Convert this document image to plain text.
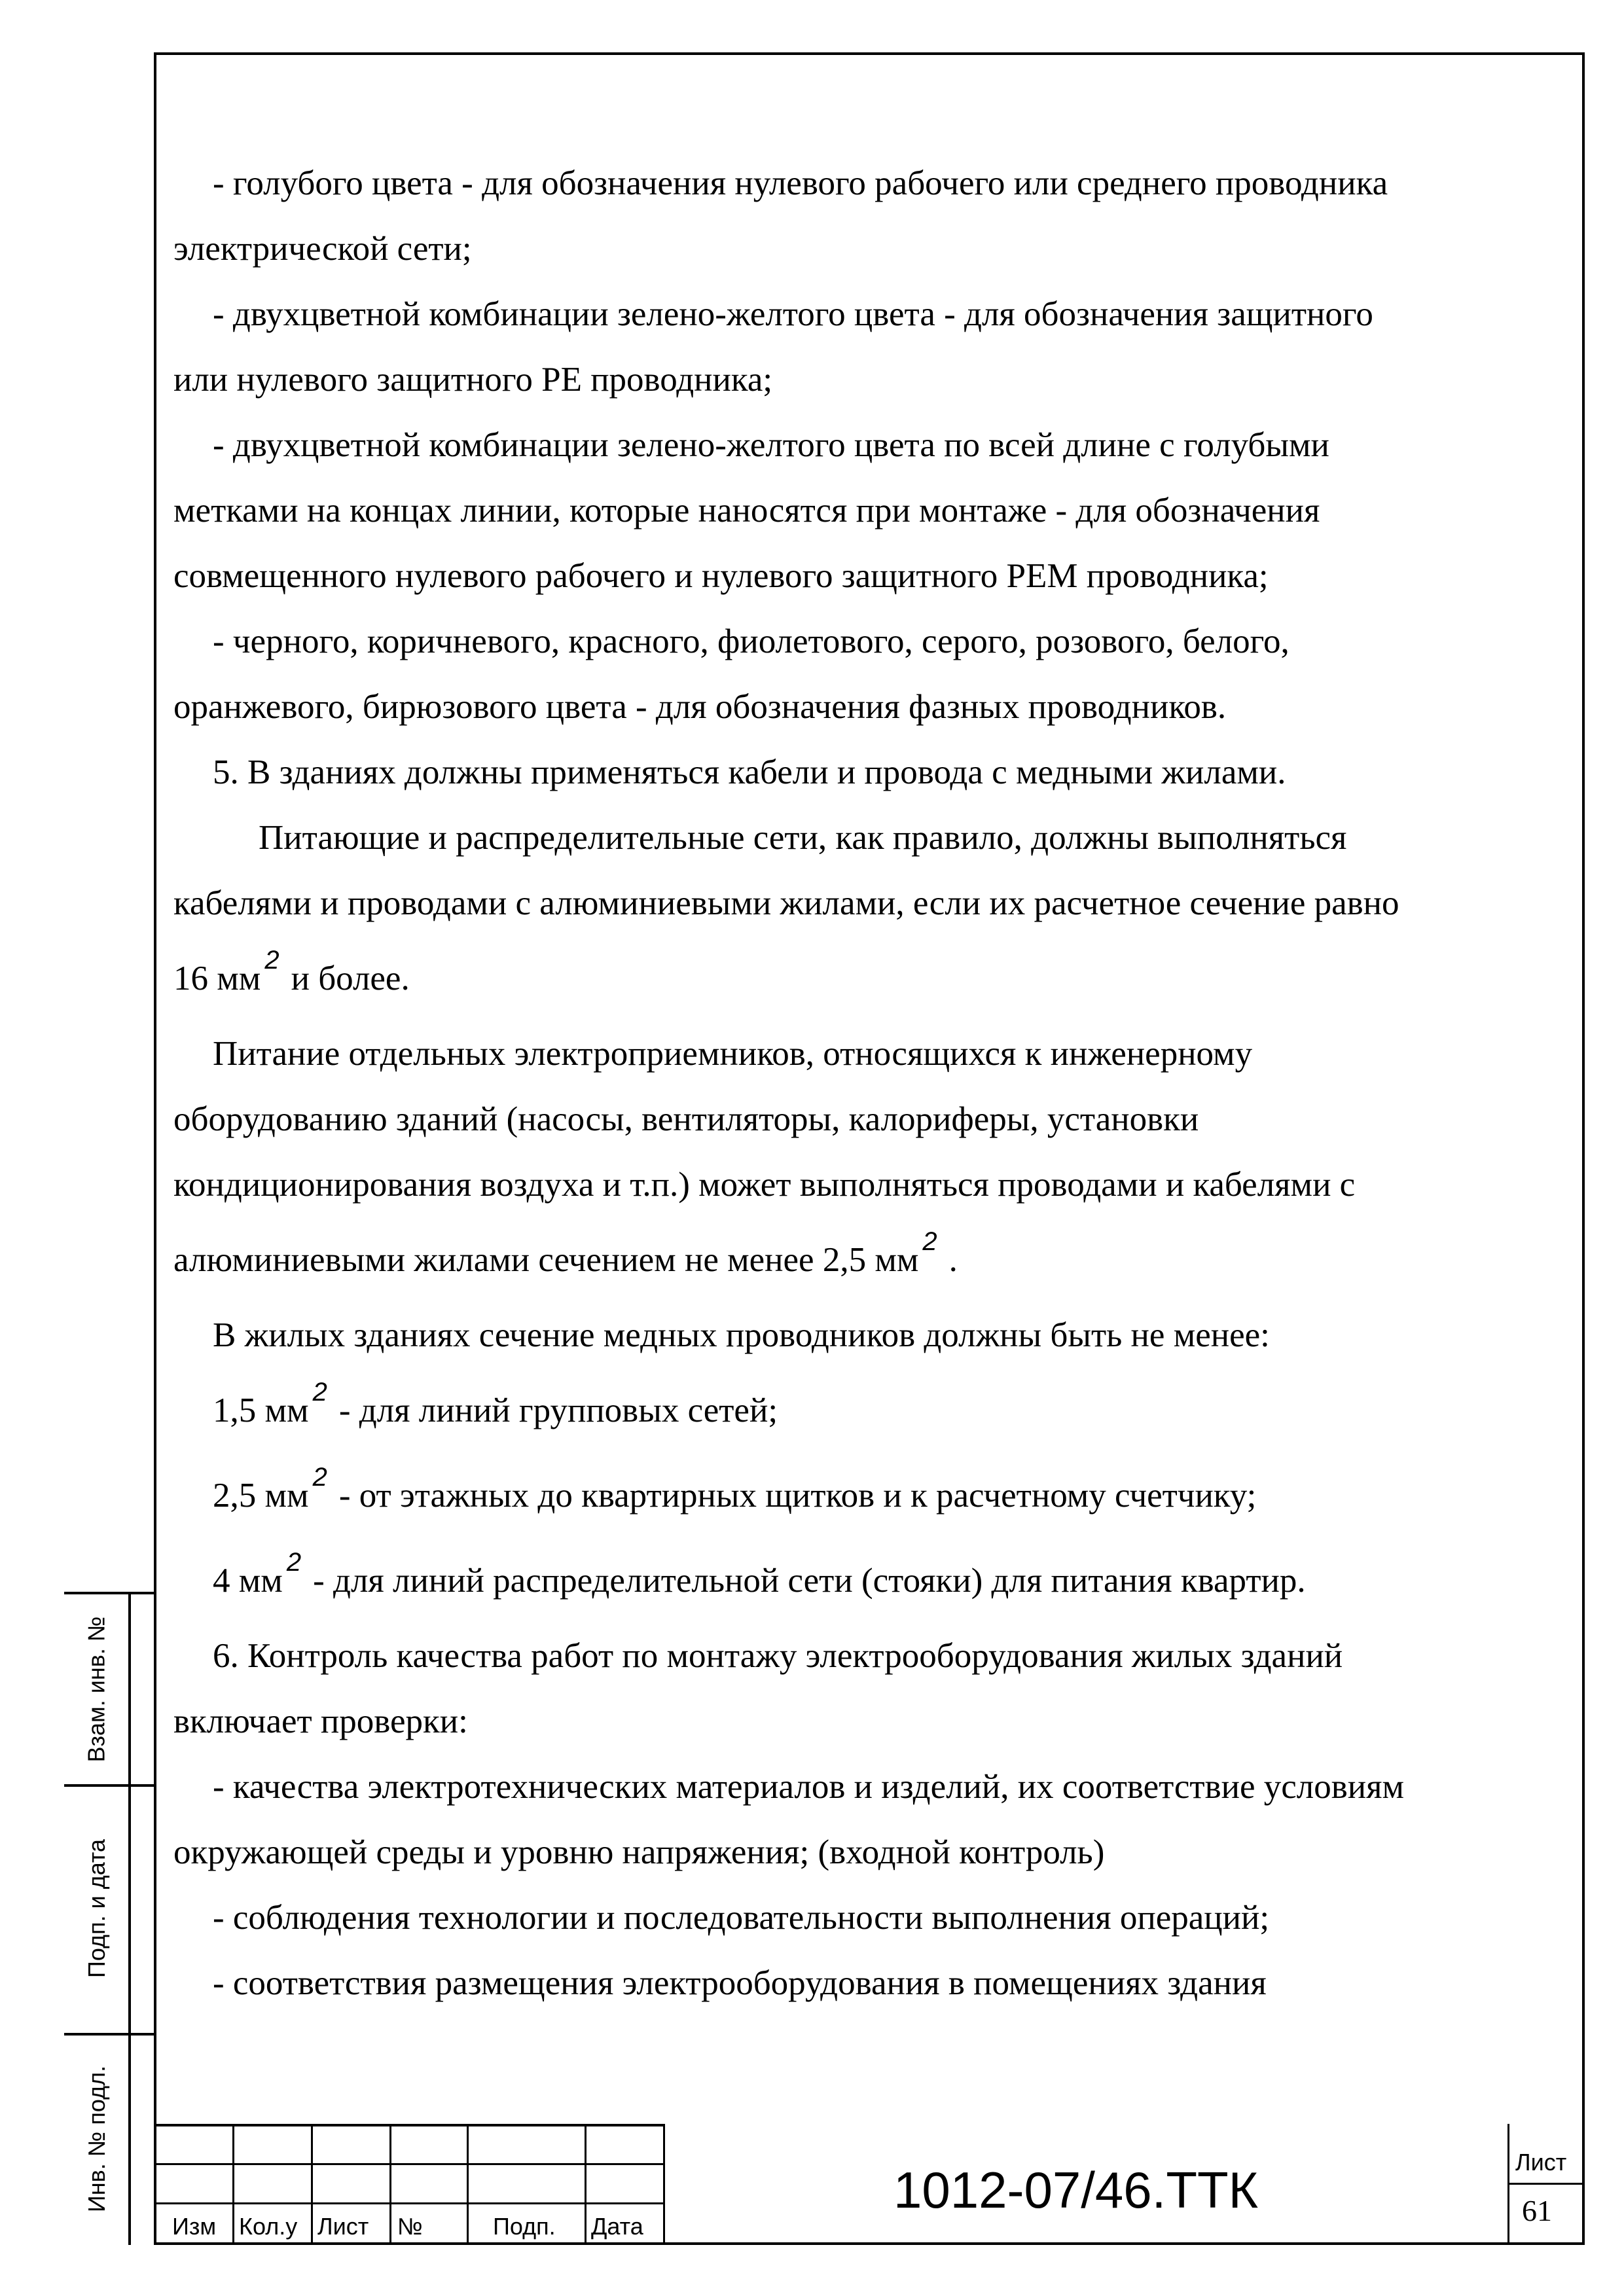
- голубого цвета - для обозначения нулевого рабочего или среднего проводника
электрической сети;
- двухцветной комбинации зелено-желтого цвета - для обозначения защитного
или нулевого защитного РЕ проводника;
- двухцветной комбинации зелено-желтого цвета по всей длине с голубыми
метками на концах линии, которые наносятся при монтаже - для обозначения
совмещенного нулевого рабочего и нулевого защитного PEM проводника;
- черного, коричневого, красного, фиолетового, серого, розового, белого,
оранжевого, бирюзового цвета - для обозначения фазных проводников.
5. В зданиях должны применяться кабели и провода с медными жилами.
Питающие и распределительные сети, как правило, должны выполняться
кабелями и проводами с алюминиевыми жилами, если их расчетное сечение равно
16 мм $^2$ и более.
Питание отдельных электроприемников, относящихся к инженерному
оборудованию зданий (насосы, вентиляторы, калориферы, установки
кондиционирования воздуха и т.п.) может выполняться проводами и кабелями с
алюминиевыми жилами сечением не менее 2,5 мм $^2$ .
В жилых зданиях сечение медных проводников должны быть не менее:
1,5 мм $^2$ - для линий групповых сетей;
2,5 мм $^2$ - от этажных до квартирных щитков и к расчетному счетчику;
4 мм $^2$ - для линий распределительной сети (стояки) для питания квартир.
6. Контроль качества работ по монтажу электрооборудования жилых зданий
включает проверки:
- качества электротехнических материалов и изделий, их соответствие условиям
окружающей среды и уровню напряжения; (входной контроль)
- соблюдения технологии и последовательности выполнения операций;
- соответствия размещения электрооборудования в помещениях здания
Взам. инв. №
Подп. и дата
Инв. № подл.
Изм Кол.у Лист №	Подп. Дата
1012-07/46.ТТК	Лист
61
